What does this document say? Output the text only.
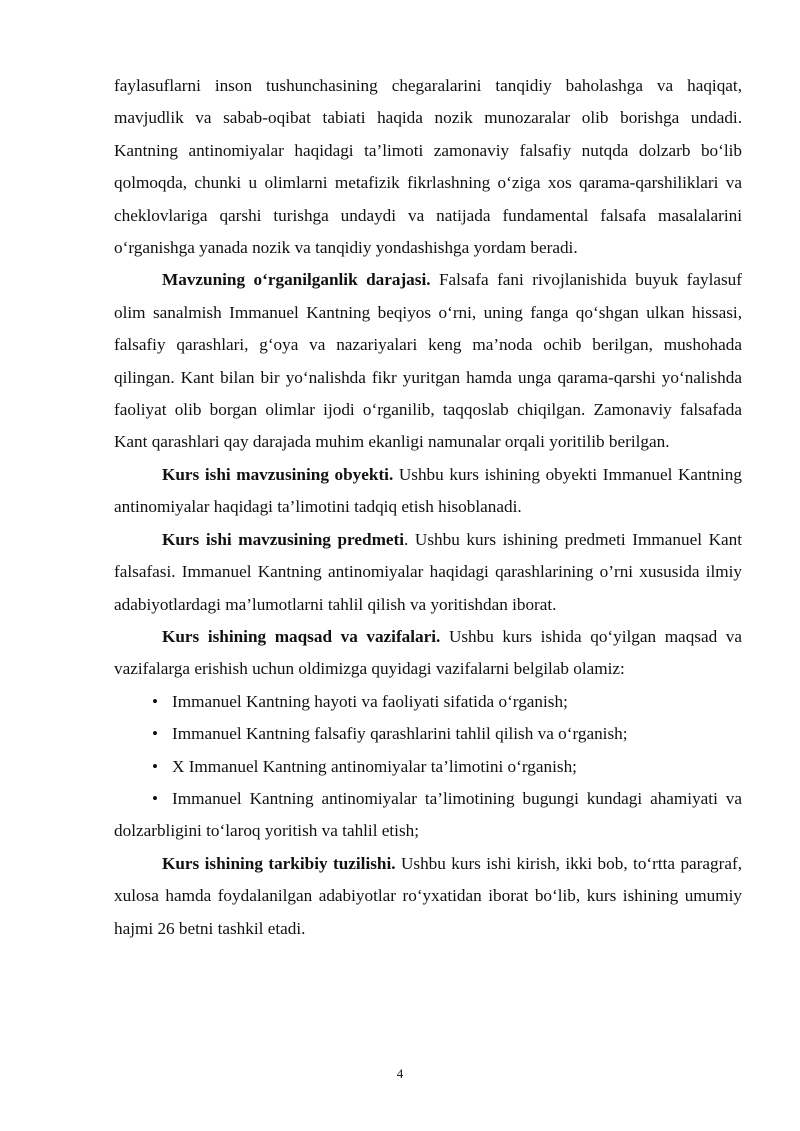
faylasuflarni inson tushunchasining chegaralarini tanqidiy baholashga va haqiqat, mavjudlik va sabab-oqibat tabiati haqida nozik munozaralar olib borishga undadi. Kantning antinomiyalar haqidagi ta’limoti zamonaviy falsafiy nutqda dolzarb bo‘lib qolmoqda, chunki u olimlarni metafizik fikrlashning o‘ziga xos qarama-qarshiliklari va cheklovlariga qarshi turishga undaydi va natijada fundamental falsafa masalalarini o‘rganishga yanada nozik va tanqidiy yondashishga yordam beradi.

Mavzuning o‘rganilganlik darajasi. Falsafa fani rivojlanishida buyuk faylasuf olim sanalmish Immanuel Kantning beqiyos o‘rni, uning fanga qo‘shgan ulkan hissasi, falsafiy qarashlari, g‘oya va nazariyalari keng ma’noda ochib berilgan, mushohada qilingan. Kant bilan bir yo‘nalishda fikr yuritgan hamda unga qarama-qarshi yo‘nalishda faoliyat olib borgan olimlar ijodi o‘rganilib, taqqoslab chiqilgan. Zamonaviy falsafada Kant qarashlari qay darajada muhim ekanligi namunalar orqali yoritilib berilgan.

Kurs ishi mavzusining obyekti. Ushbu kurs ishining obyekti Immanuel Kantning antinomiyalar haqidagi ta’limotini tadqiq etish hisoblanadi.

Kurs ishi mavzusining predmeti. Ushbu kurs ishining predmeti Immanuel Kant falsafasi. Immanuel Kantning antinomiyalar haqidagi qarashlarining o’rni xususida ilmiy adabiyotlardagi ma’lumotlarni tahlil qilish va yoritishdan iborat.

Kurs ishining maqsad va vazifalari. Ushbu kurs ishida qo‘yilgan maqsad va vazifalarga erishish uchun oldimizga quyidagi vazifalarni belgilab olamiz:

• Immanuel Kantning hayoti va faoliyati sifatida o‘rganish;
• Immanuel Kantning falsafiy qarashlarini tahlil qilish va o‘rganish;
• X Immanuel Kantning antinomiyalar ta’limotini o‘rganish;
• Immanuel Kantning antinomiyalar ta’limotining bugungi kundagi ahamiyati va dolzarbligini to‘laroq yoritish va tahlil etish;

Kurs ishining tarkibiy tuzilishi. Ushbu kurs ishi kirish, ikki bob, to‘rtta paragraf, xulosa hamda foydalanilgan adabiyotlar ro‘yxatidan iborat bo‘lib, kurs ishining umumiy hajmi 26 betni tashkil etadi.

4
